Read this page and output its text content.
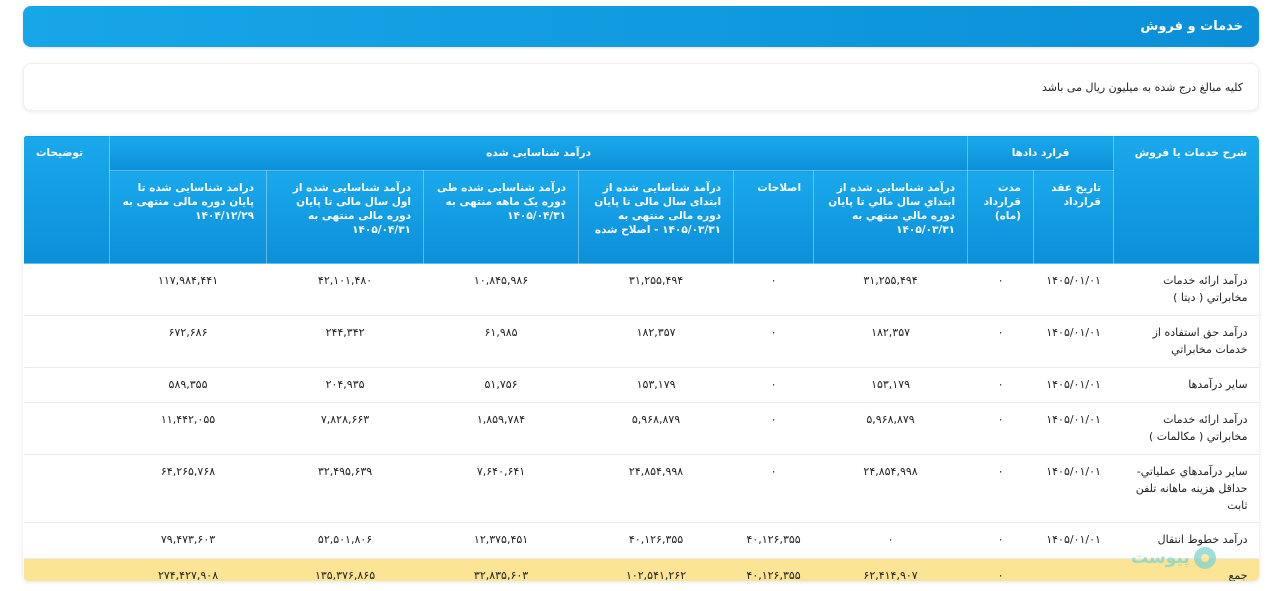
خدمات و فروش
کلیه مبالغ درج شده به میلیون ریال می باشد
شرح خدمات یا فروش	قرارد دادها		درآمد شناسایی شده						توضیحات
	تاریخ عقد قرارداد	مدت قرارداد (ماه)	درآمد شناسايي شده از ابتداي سال مالي تا پايان دوره مالي منتهي به ۱۴۰۵/۰۳/۳۱	اصلاحات	درآمد شناسایی شده از ابتدای سال مالی تا پایان دوره مالی منتهی به ۱۴۰۵/۰۳/۳۱ - اصلاح شده	درآمد شناسایی شده طی دوره یک ماهه منتهی به ۱۴۰۵/۰۴/۳۱	درآمد شناسایی شده از اول سال مالی تا پایان دوره مالی منتهی به ۱۴۰۵/۰۴/۳۱	درامد شناسایی شده تا پایان دوره مالی منتهی به ۱۴۰۴/۱۲/۲۹	
درآمد ارائه خدمات مخابراتي ( ديتا )	۱۴۰۵/۰۱/۰۱	۰	۳۱,۲۵۵,۴۹۴	۰	۳۱,۲۵۵,۴۹۴	۱۰,۸۴۵,۹۸۶	۴۲,۱۰۱,۴۸۰	۱۱۷,۹۸۴,۴۴۱	
درآمد حق استفاده از خدمات مخابراتي	۱۴۰۵/۰۱/۰۱	۰	۱۸۲,۳۵۷	۰	۱۸۲,۳۵۷	۶۱,۹۸۵	۲۴۴,۳۴۲	۶۷۲,۶۸۶	
ساير درآمدها	۱۴۰۵/۰۱/۰۱	۰	۱۵۳,۱۷۹	۰	۱۵۳,۱۷۹	۵۱,۷۵۶	۲۰۴,۹۳۵	۵۸۹,۳۵۵	
درآمد ارائه خدمات مخابراتي ( مكالمات )	۱۴۰۵/۰۱/۰۱	۰	۵,۹۶۸,۸۷۹	۰	۵,۹۶۸,۸۷۹	۱,۸۵۹,۷۸۴	۷,۸۲۸,۶۶۳	۱۱,۴۴۲,۰۵۵	
ساير درآمدهاي عملياتي-حداقل هزينه ماهانه تلفن ثابت	۱۴۰۵/۰۱/۰۱	۰	۲۴,۸۵۴,۹۹۸	۰	۲۴,۸۵۴,۹۹۸	۷,۶۴۰,۶۴۱	۳۲,۴۹۵,۶۳۹	۶۴,۲۶۵,۷۶۸	
درآمد خطوط انتقال	۱۴۰۵/۰۱/۰۱	۰	۰	۴۰,۱۲۶,۳۵۵	۴۰,۱۲۶,۳۵۵	۱۲,۳۷۵,۴۵۱	۵۲,۵۰۱,۸۰۶	۷۹,۴۷۳,۶۰۳	
جمع		۰	۶۲,۴۱۴,۹۰۷	۴۰,۱۲۶,۳۵۵	۱۰۲,۵۴۱,۲۶۲	۳۲,۸۳۵,۶۰۳	۱۳۵,۳۷۶,۸۶۵	۲۷۴,۴۲۷,۹۰۸	
پیوست
